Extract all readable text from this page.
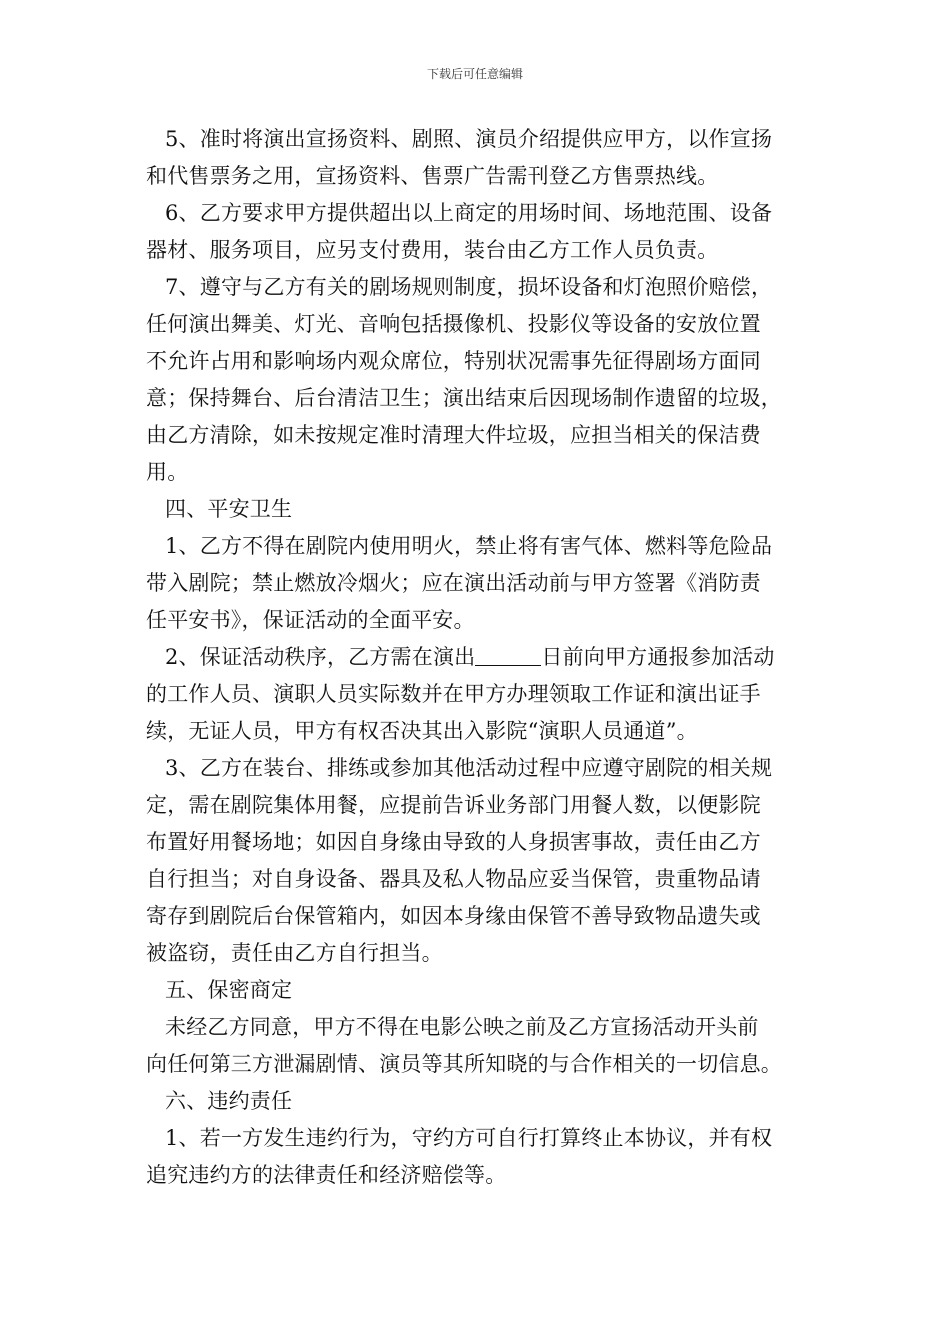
下载后可任意编辑
5、准时将演出宣扬资料、剧照、演员介绍提供应甲方，以作宣扬
和代售票务之用，宣扬资料、售票广告需刊登乙方售票热线。
6、乙方要求甲方提供超出以上商定的用场时间、场地范围、设备
器材、服务项目，应另支付费用，装台由乙方工作人员负责。
7、遵守与乙方有关的剧场规则制度，损坏设备和灯泡照价赔偿，
任何演出舞美、灯光、音响包括摄像机、投影仪等设备的安放位置
不允许占用和影响场内观众席位，特别状况需事先征得剧场方面同
意；保持舞台、后台清洁卫生；演出结束后因现场制作遗留的垃圾，
由乙方清除，如未按规定准时清理大件垃圾，应担当相关的保洁费
用。
四、平安卫生
1、乙方不得在剧院内使用明火，禁止将有害气体、燃料等危险品
带入剧院；禁止燃放冷烟火；应在演出活动前与甲方签署《消防责
任平安书》，保证活动的全面平安。
2、保证活动秩序，乙方需在演出	日前向甲方通报参加活动
的工作人员、演职人员实际数并在甲方办理领取工作证和演出证手
续，无证人员，甲方有权否决其出入影院“演职人员通道”。
3、乙方在装台、排练或参加其他活动过程中应遵守剧院的相关规
定，需在剧院集体用餐，应提前告诉业务部门用餐人数，以便影院
布置好用餐场地；如因自身缘由导致的人身损害事故，责任由乙方
自行担当；对自身设备、器具及私人物品应妥当保管，贵重物品请
寄存到剧院后台保管箱内，如因本身缘由保管不善导致物品遗失或
被盗窃，责任由乙方自行担当。
五、保密商定
未经乙方同意，甲方不得在电影公映之前及乙方宣扬活动开头前
向任何第三方泄漏剧情、演员等其所知晓的与合作相关的一切信息。
六、违约责任
1、若一方发生违约行为，守约方可自行打算终止本协议，并有权
追究违约方的法律责任和经济赔偿等。
